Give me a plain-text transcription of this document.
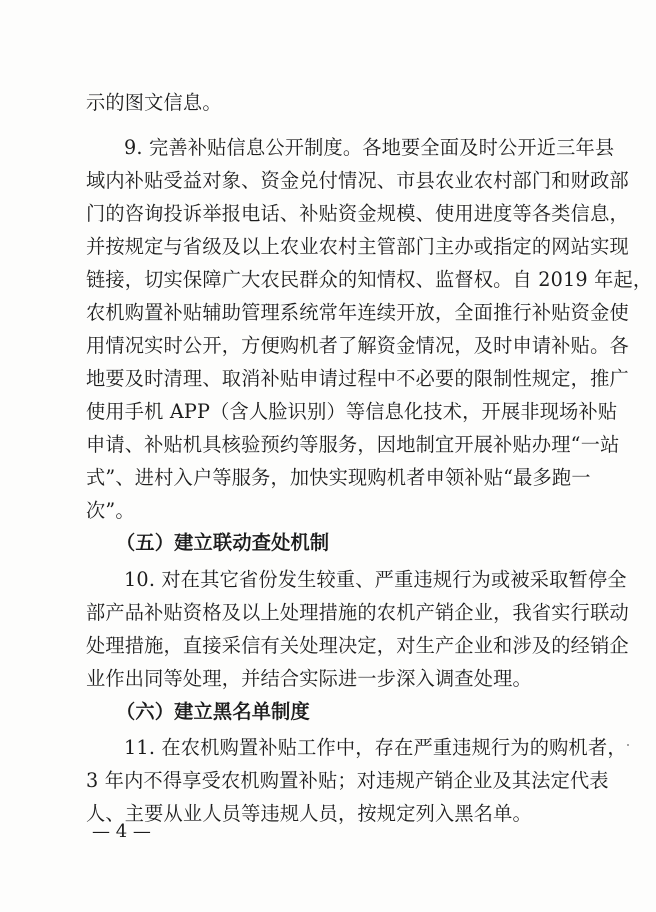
示的图文信息。
9. 完善补贴信息公开制度。各地要全面及时公开近三年县
域内补贴受益对象、资金兑付情况、市县农业农村部门和财政部
门的咨询投诉举报电话、补贴资金规模、使用进度等各类信息，
并按规定与省级及以上农业农村主管部门主办或指定的网站实现
链接，切实保障广大农民群众的知情权、监督权。自 2019 年起，
农机购置补贴辅助管理系统常年连续开放，全面推行补贴资金使
用情况实时公开，方便购机者了解资金情况，及时申请补贴。各
地要及时清理、取消补贴申请过程中不必要的限制性规定，推广
使用手机 APP（含人脸识别）等信息化技术，开展非现场补贴
申请、补贴机具核验预约等服务，因地制宜开展补贴办理“一站
式”、进村入户等服务，加快实现购机者申领补贴“最多跑一
次”。
（五）建立联动查处机制
10. 对在其它省份发生较重、严重违规行为或被采取暂停全
部产品补贴资格及以上处理措施的农机产销企业，我省实行联动
处理措施，直接采信有关处理决定，对生产企业和涉及的经销企
业作出同等处理，并结合实际进一步深入调查处理。
（六）建立黑名单制度
11. 在农机购置补贴工作中，存在严重违规行为的购机者，
3 年内不得享受农机购置补贴；对违规产销企业及其法定代表
人、主要从业人员等违规人员，按规定列入黑名单。
— 4 —
